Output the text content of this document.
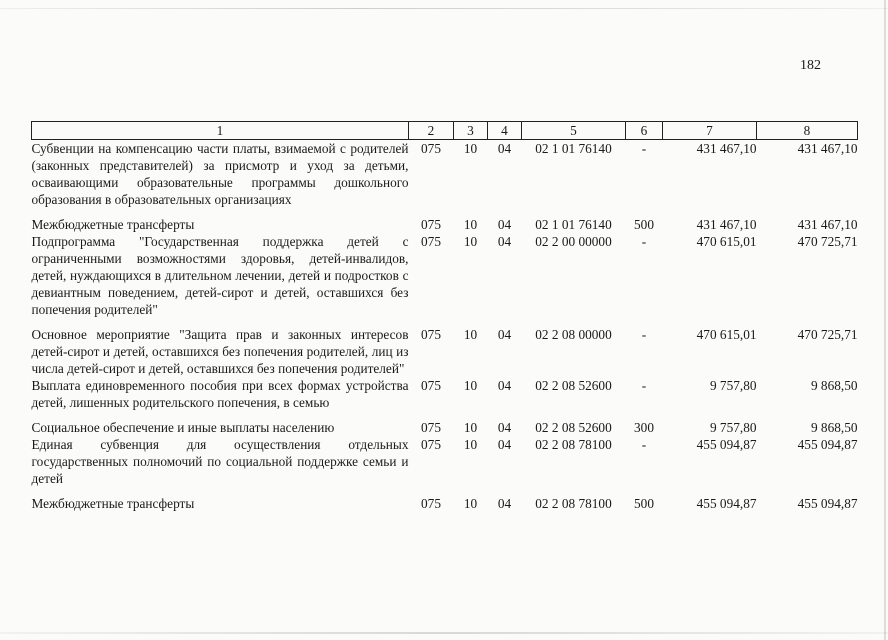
182
1	2	3	4	5	6	7	8
Субвенции на компенсацию части платы, взимаемой с родителей (законных представителей) за присмотр и уход за детьми, осваивающими образовательные программы дошкольного образования в образовательных организациях	075	10	04	02 1 01 76140	-	431 467,10	431 467,10
Межбюджетные трансферты	075	10	04	02 1 01 76140	500	431 467,10	431 467,10
Подпрограмма "Государственная поддержка детей с ограниченными возможностями здоровья, детей-инвалидов, детей, нуждающихся в длительном лечении, детей и подростков с девиантным поведением, детей-сирот и детей, оставшихся без попечения родителей"	075	10	04	02 2 00 00000	-	470 615,01	470 725,71
Основное мероприятие "Защита прав и законных интересов детей-сирот и детей, оставшихся без попечения родителей, лиц из числа детей-сирот и детей, оставшихся без попечения родителей"	075	10	04	02 2 08 00000	-	470 615,01	470 725,71
Выплата единовременного пособия при всех формах устройства детей, лишенных родительского попечения, в семью	075	10	04	02 2 08 52600	-	9 757,80	9 868,50
Социальное обеспечение и иные выплаты населению	075	10	04	02 2 08 52600	300	9 757,80	9 868,50
Единая субвенция для осуществления отдельных государственных полномочий по социальной поддержке семьи и детей	075	10	04	02 2 08 78100	-	455 094,87	455 094,87
Межбюджетные трансферты	075	10	04	02 2 08 78100	500	455 094,87	455 094,87
